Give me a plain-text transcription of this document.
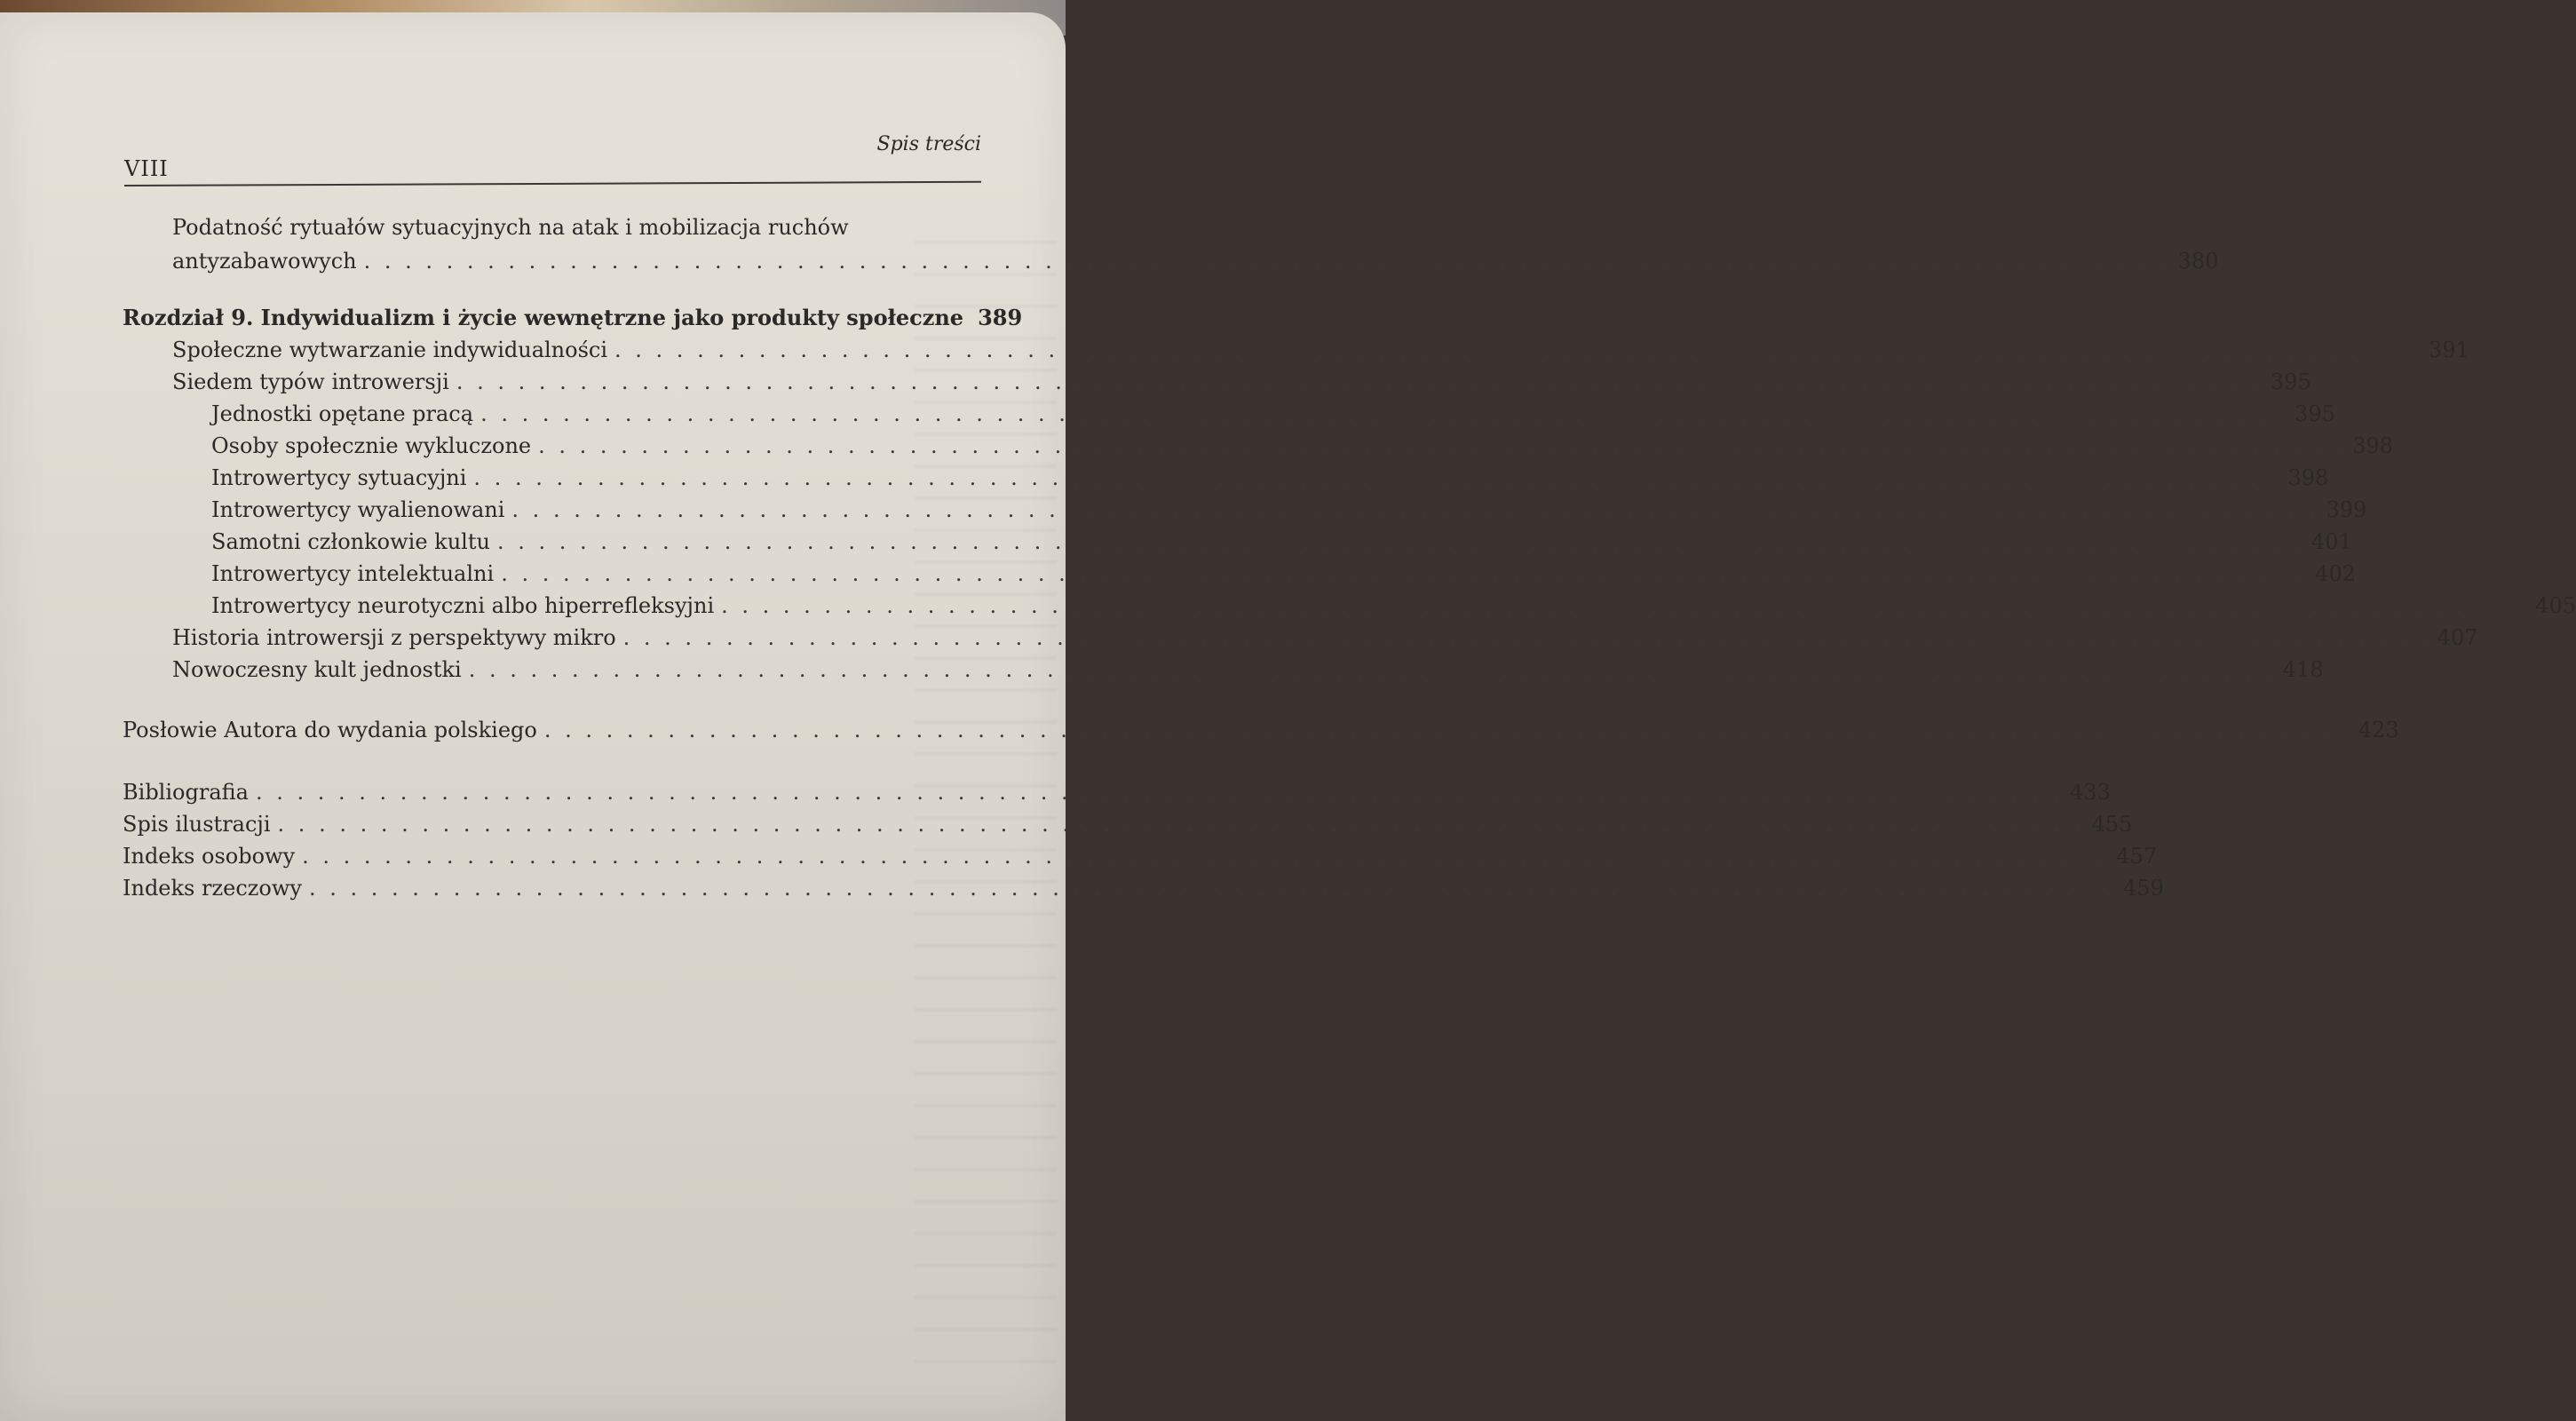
VIII
Spis treści
Podatność rytuałów sytuacyjnych na atak i mobilizacja ruchów
antyzabawowych . . .	380
Rozdział 9. Indywidualizm i życie wewnętrzne jako produkty społeczne 389
Społeczne wytwarzanie indywidualności . . .	391
Siedem typów introwersji . . .	395
Jednostki opętane pracą . . .	395
Osoby społecznie wykluczone . . .	398
Introwertycy sytuacyjni . . .	398
Introwertycy wyalienowani . . .	399
Samotni członkowie kultu . . .	401
Introwertycy intelektualni . . .	402
Introwertycy neurotyczni albo hiperrefleksyjni . . .	405
Historia introwersji z perspektywy mikro . . .	407
Nowoczesny kult jednostki . . .	418
Posłowie Autora do wydania polskiego . . .	423
Bibliografia . . .	433
Spis ilustracji . . .	455
Indeks osobowy . . .	457
Indeks rzeczowy . . .	459
